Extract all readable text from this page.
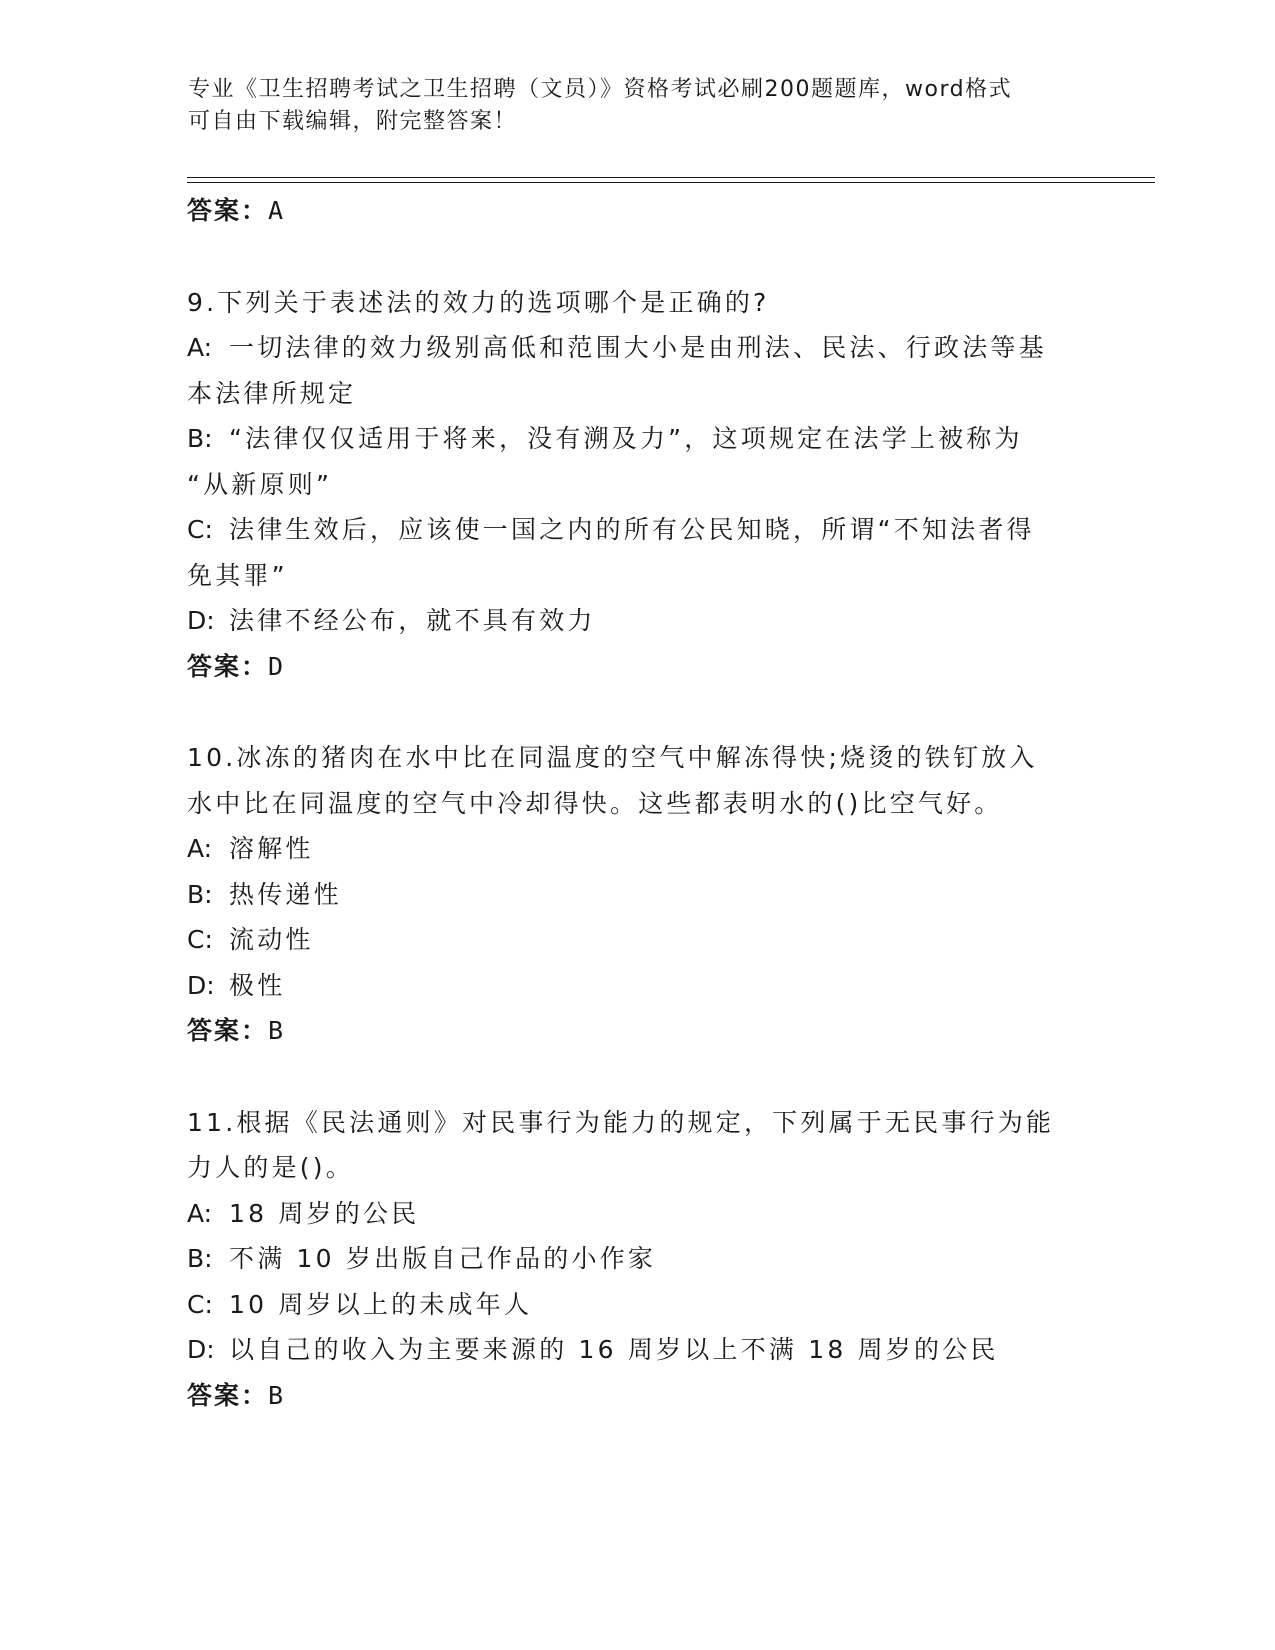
专业《卫生招聘考试之卫生招聘（文员）》资格考试必刷200题题库，word格式
可自由下载编辑，附完整答案！
答案：A
9.下列关于表述法的效力的选项哪个是正确的?
A: 一切法律的效力级别高低和范围大小是由刑法、民法、行政法等基
本法律所规定
B: “法律仅仅适用于将来，没有溯及力”，这项规定在法学上被称为
“从新原则”
C: 法律生效后，应该使一国之内的所有公民知晓，所谓“不知法者得
免其罪”
D: 法律不经公布，就不具有效力
答案：D
10.冰冻的猪肉在水中比在同温度的空气中解冻得快;烧烫的铁钉放入
水中比在同温度的空气中冷却得快。这些都表明水的()比空气好。
A: 溶解性
B: 热传递性
C: 流动性
D: 极性
答案：B
11.根据《民法通则》对民事行为能力的规定，下列属于无民事行为能
力人的是()。
A: 18 周岁的公民
B: 不满 10 岁出版自己作品的小作家
C: 10 周岁以上的未成年人
D: 以自己的收入为主要来源的 16 周岁以上不满 18 周岁的公民
答案：B
